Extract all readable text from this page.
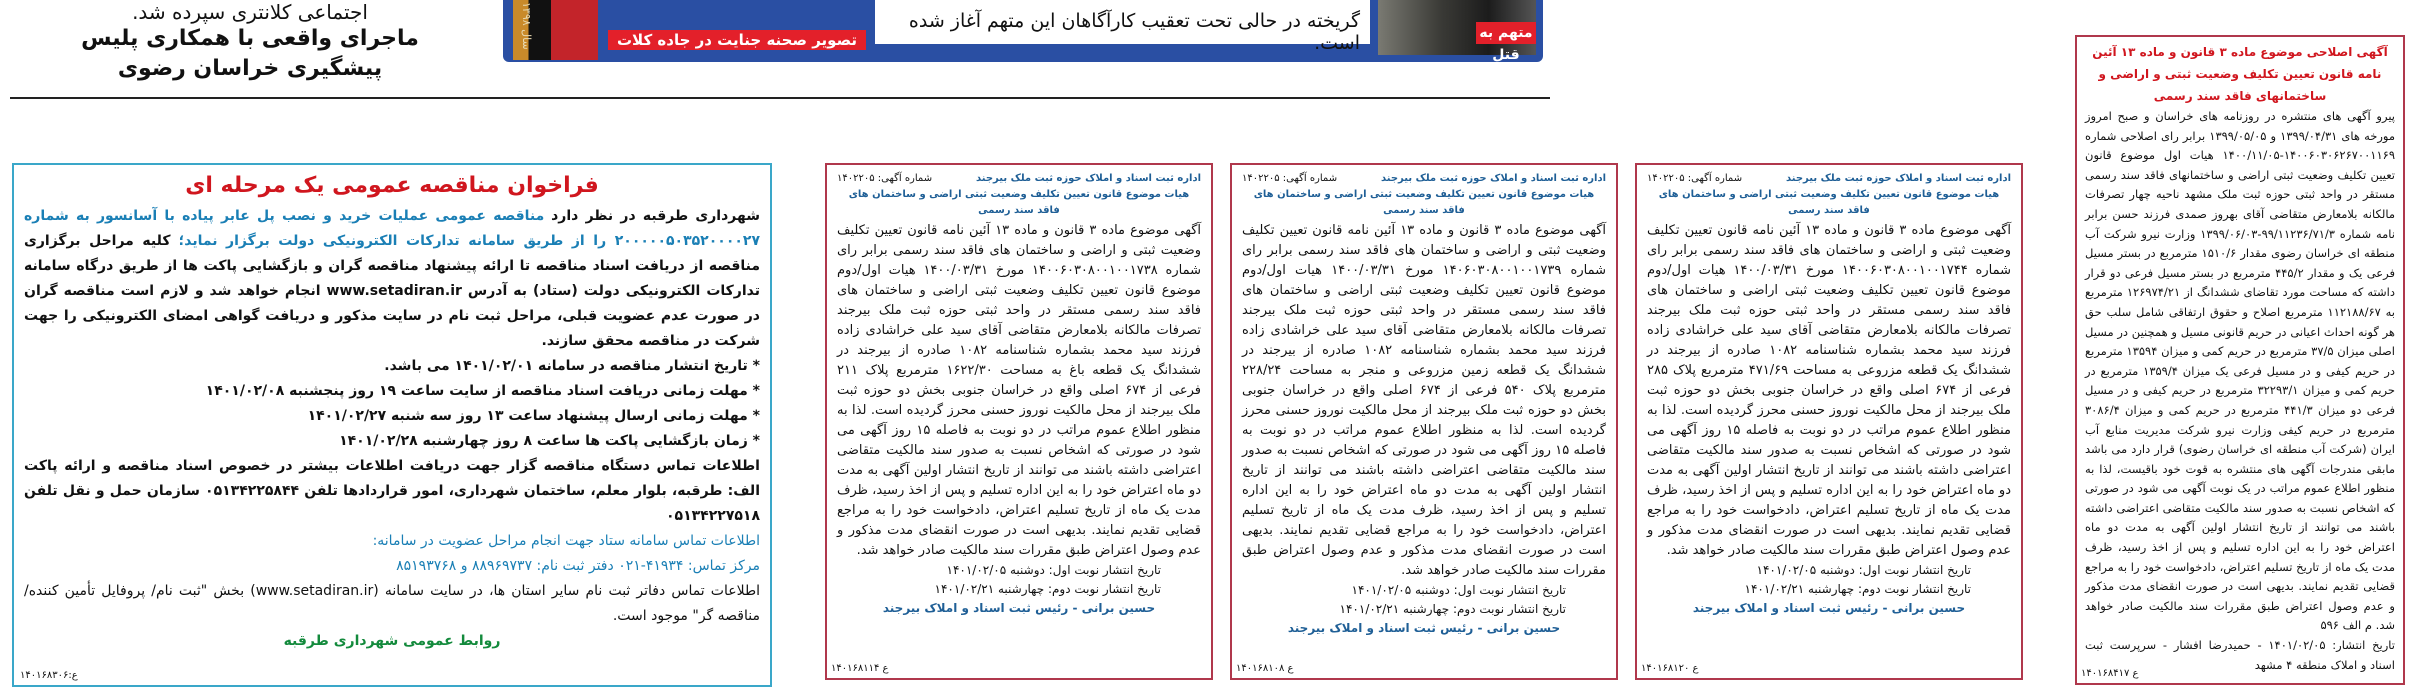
اجتماعی کلانتری سپرده شد.
ماجرای واقعی با همکاری پلیس پیشگیری خراسان رضوی
سال ۱۳۹۸	تصویر صحنه جنایت در جاده کلات
گریخته در حالی تحت تعقیب کارآگاهان این متهم آغاز شده است.	متهم به قتل
فراخوان مناقصه عمومی یک مرحله ای

شهرداری طرقبه در نظر دارد مناقصه عمومی عملیات خرید و نصب پل عابر پیاده با آسانسور به شماره ۲۰۰۰۰۰۵۰۳۵۲۰۰۰۰۲۷ را از طریق سامانه تدارکات الکترونیکی دولت برگزار نماید؛ کلیه مراحل برگزاری مناقصه از دریافت اسناد مناقصه تا ارائه پیشنهاد مناقصه گران و بازگشایی پاکت ها از طریق درگاه سامانه تدارکات الکترونیکی دولت (ستاد) به آدرس www.setadiran.ir انجام خواهد شد و لازم است مناقصه گران در صورت عدم عضویت قبلی، مراحل ثبت نام در سایت مذکور و دریافت گواهی امضای الکترونیکی را جهت شرکت در مناقصه محقق سازند.

* تاریخ انتشار مناقصه در سامانه ۱۴۰۱/۰۲/۰۱ می باشد.

* مهلت زمانی دریافت اسناد مناقصه از سایت ساعت ۱۹ روز پنجشنبه ۱۴۰۱/۰۲/۰۸

* مهلت زمانی ارسال پیشنهاد ساعت ۱۳ روز سه شنبه ۱۴۰۱/۰۲/۲۷

* زمان بازگشایی پاکت ها ساعت ۸ روز چهارشنبه ۱۴۰۱/۰۲/۲۸

اطلاعات تماس دستگاه مناقصه گزار جهت دریافت اطلاعات بیشتر در خصوص اسناد مناقصه و ارائه پاکت الف: طرقبه، بلوار معلم، ساختمان شهرداری، امور قراردادها تلفن ۰۵۱۳۴۲۲۵۸۴۴ سازمان حمل و نقل تلفن ۰۵۱۳۴۲۲۷۵۱۸

اطلاعات تماس سامانه ستاد جهت انجام مراحل عضویت در سامانه:

مرکز تماس: ۴۱۹۳۴-۰۲۱ دفتر ثبت نام: ۸۸۹۶۹۷۳۷ و ۸۵۱۹۳۷۶۸

اطلاعات تماس دفاتر ثبت نام سایر استان ها، در سایت سامانه (www.setadiran.ir) بخش "ثبت نام/ پروفایل تأمین کننده/ مناقصه گر" موجود است.

روابط عمومی شهرداری طرقبه

ع:۱۴۰۱۶۸۳۰۶
اداره ثبت اسناد و املاک حوزه ثبت ملک بیرجند
شماره آگهی: ۱۴۰۲۲۰۵
هیات موضوع قانون تعیین تکلیف وضعیت ثبتی اراضی و ساختمان های فاقد سند رسمی
آگهی موضوع ماده ۳ قانون و ماده ۱۳ آئین نامه قانون تعیین تکلیف وضعیت ثبتی و اراضی و ساختمان های فاقد سند رسمی برابر رای شماره ۱۴۰۰۶۰۳۰۸۰۰۱۰۰۱۷۳۸ مورخ ۱۴۰۰/۰۳/۳۱ هیات اول/دوم موضوع قانون تعیین تکلیف وضعیت ثبتی اراضی و ساختمان های فاقد سند رسمی مستقر در واحد ثبتی حوزه ثبت ملک بیرجند تصرفات مالکانه بلامعارض متقاضی آقای سید علی خراشادی زاده فرزند سید محمد بشماره شناسنامه ۱۰۸۲ صادره از بیرجند در ششدانگ یک قطعه باغ به مساحت ۱۶۲۲/۳۰ مترمربع پلاک ۲۱۱ فرعی از ۶۷۴ اصلی واقع در خراسان جنوبی بخش دو حوزه ثبت ملک بیرجند از محل مالکیت نوروز حسنی محرز گردیده است. لذا به منظور اطلاع عموم مراتب در دو نوبت به فاصله ۱۵ روز آگهی می شود در صورتی که اشخاص نسبت به صدور سند مالکیت متقاضی اعتراضی داشته باشند می توانند از تاریخ انتشار اولین آگهی به مدت دو ماه اعتراض خود را به این اداره تسلیم و پس از اخذ رسید، ظرف مدت یک ماه از تاریخ تسلیم اعتراض، دادخواست خود را به مراجع قضایی تقدیم نمایند. بدیهی است در صورت انقضای مدت مذکور و عدم وصول اعتراض طبق مقررات سند مالکیت صادر خواهد شد.
تاریخ انتشار نوبت اول: دوشنبه ۱۴۰۱/۰۲/۰۵
تاریخ انتشار نوبت دوم: چهارشنبه ۱۴۰۱/۰۲/۲۱
حسین برانی - رئیس ثبت اسناد و املاک بیرجند
ع ۱۴۰۱۶۸۱۱۴
اداره ثبت اسناد و املاک حوزه ثبت ملک بیرجند
شماره آگهی: ۱۴۰۲۲۰۵
هیات موضوع قانون تعیین تکلیف وضعیت ثبتی اراضی و ساختمان های فاقد سند رسمی
آگهی موضوع ماده ۳ قانون و ماده ۱۳ آئین نامه قانون تعیین تکلیف وضعیت ثبتی و اراضی و ساختمان های فاقد سند رسمی برابر رای شماره ۱۴۰۶۰۳۰۸۰۰۱۰۰۱۷۳۹ مورخ ۱۴۰۰/۰۳/۳۱ هیات اول/دوم موضوع قانون تعیین تکلیف وضعیت ثبتی اراضی و ساختمان های فاقد سند رسمی مستقر در واحد ثبتی حوزه ثبت ملک بیرجند تصرفات مالکانه بلامعارض متقاضی آقای سید علی خراشادی زاده فرزند سید محمد بشماره شناسنامه ۱۰۸۲ صادره از بیرجند در ششدانگ یک قطعه زمین مزروعی و منجر به مساحت ۲۲۸/۲۴ مترمربع پلاک ۵۴۰ فرعی از ۶۷۴ اصلی واقع در خراسان جنوبی بخش دو حوزه ثبت ملک بیرجند از محل مالکیت نوروز حسنی محرز گردیده است. لذا به منظور اطلاع عموم مراتب در دو نوبت به فاصله ۱۵ روز آگهی می شود در صورتی که اشخاص نسبت به صدور سند مالکیت متقاضی اعتراضی داشته باشند می توانند از تاریخ انتشار اولین آگهی به مدت دو ماه اعتراض خود را به این اداره تسلیم و پس از اخذ رسید، ظرف مدت یک ماه از تاریخ تسلیم اعتراض، دادخواست خود را به مراجع قضایی تقدیم نمایند. بدیهی است در صورت انقضای مدت مذکور و عدم وصول اعتراض طبق مقررات سند مالکیت صادر خواهد شد.
تاریخ انتشار نوبت اول: دوشنبه ۱۴۰۱/۰۲/۰۵
تاریخ انتشار نوبت دوم: چهارشنبه ۱۴۰۱/۰۲/۲۱
حسین برانی - رئیس ثبت اسناد و املاک بیرجند
ع ۱۴۰۱۶۸۱۰۸
اداره ثبت اسناد و املاک حوزه ثبت ملک بیرجند
شماره آگهی: ۱۴۰۲۲۰۵
هیات موضوع قانون تعیین تکلیف وضعیت ثبتی اراضی و ساختمان های فاقد سند رسمی
آگهی موضوع ماده ۳ قانون و ماده ۱۳ آئین نامه قانون تعیین تکلیف وضعیت ثبتی و اراضی و ساختمان های فاقد سند رسمی برابر رای شماره ۱۴۰۰۶۰۳۰۸۰۰۱۰۰۱۷۴۴ مورخ ۱۴۰۰/۰۳/۳۱ هیات اول/دوم موضوع قانون تعیین تکلیف وضعیت ثبتی اراضی و ساختمان های فاقد سند رسمی مستقر در واحد ثبتی حوزه ثبت ملک بیرجند تصرفات مالکانه بلامعارض متقاضی آقای سید علی خراشادی زاده فرزند سید محمد بشماره شناسنامه ۱۰۸۲ صادره از بیرجند در ششدانگ یک قطعه مزروعی به مساحت ۴۷۱/۶۹ مترمربع پلاک ۲۸۵ فرعی از ۶۷۴ اصلی واقع در خراسان جنوبی بخش دو حوزه ثبت ملک بیرجند از محل مالکیت نوروز حسنی محرز گردیده است. لذا به منظور اطلاع عموم مراتب در دو نوبت به فاصله ۱۵ روز آگهی می شود در صورتی که اشخاص نسبت به صدور سند مالکیت متقاضی اعتراضی داشته باشند می توانند از تاریخ انتشار اولین آگهی به مدت دو ماه اعتراض خود را به این اداره تسلیم و پس از اخذ رسید، ظرف مدت یک ماه از تاریخ تسلیم اعتراض، دادخواست خود را به مراجع قضایی تقدیم نمایند. بدیهی است در صورت انقضای مدت مذکور و عدم وصول اعتراض طبق مقررات سند مالکیت صادر خواهد شد.
تاریخ انتشار نوبت اول: دوشنبه ۱۴۰۱/۰۲/۰۵
تاریخ انتشار نوبت دوم: چهارشنبه ۱۴۰۱/۰۲/۲۱
حسین برانی - رئیس ثبت اسناد و املاک بیرجند
ع ۱۴۰۱۶۸۱۲۰
آگهی اصلاحی موضوع ماده ۳ قانون و ماده ۱۳ آئین نامه قانون تعیین تکلیف وضعیت ثبتی و اراضی و ساختمانهای فاقد سند رسمی
پیرو آگهی های منتشره در روزنامه های خراسان و صبح امروز مورخه های ۱۳۹۹/۰۴/۳۱ و ۱۳۹۹/۰۵/۰۵ برابر رای اصلاحی شماره ۱۴۰۰۶۰۳۰۶۲۶۷۰۰۱۱۶۹-۱۴۰۰/۱۱/۰۵ هیات اول موضوع قانون تعیین تکلیف وضعیت ثبتی اراضی و ساختمانهای فاقد سند رسمی مستقر در واحد ثبتی حوزه ثبت ملک مشهد ناحیه چهار تصرفات مالکانه بلامعارض متقاضی آقای بهروز صمدی فرزند حسن برابر نامه شماره ۹۹/۱۱۲۳۶/۷۱/۳-۱۳۹۹/۰۶/۰۳ وزارت نیرو شرکت آب منطقه ای خراسان رضوی مقدار ۱۵۱۰/۶ مترمربع در بستر مسیل فرعی یک و مقدار ۴۴۵/۲ مترمربع در بستر مسیل فرعی دو قرار داشته که مساحت مورد تقاضای ششدانگ از ۱۲۶۹۷۴/۲۱ مترمربع به ۱۱۲۱۸۸/۶۷ مترمربع اصلاح و حقوق ارتفاقی شامل سلب حق هر گونه احداث اعیانی در حریم قانونی مسیل و همچنین در مسیل اصلی میزان ۳۷/۵ مترمربع در حریم کمی و میزان ۱۳۵۹۴ مترمربع در حریم کیفی و در مسیل فرعی یک میزان ۱۳۵۹/۴ مترمربع در حریم کمی و میزان ۳۲۲۹۳/۱ مترمربع در حریم کیفی و در مسیل فرعی دو میزان ۴۴۱/۳ مترمربع در حریم کمی و میزان ۳۰۸۶/۴ مترمربع در حریم کیفی وزارت نیرو شرکت مدیریت منابع آب ایران (شرکت آب منطقه ای خراسان رضوی) قرار دارد می باشد مابقی مندرجات آگهی های منتشره به قوت خود باقیست، لذا به منظور اطلاع عموم مراتب در یک نوبت آگهی می شود در صورتی که اشخاص نسبت به صدور سند مالکیت متقاضی اعتراضی داشته باشند می توانند از تاریخ انتشار اولین آگهی به مدت دو ماه اعتراض خود را به این اداره تسلیم و پس از اخذ رسید، ظرف مدت یک ماه از تاریخ تسلیم اعتراض، دادخواست خود را به مراجع قضایی تقدیم نمایند. بدیهی است در صورت انقضای مدت مذکور و عدم وصول اعتراض طبق مقررات سند مالکیت صادر خواهد شد. م الف ۵۹۶
تاریخ انتشار: ۱۴۰۱/۰۲/۰۵ - حمیدرضا افشار - سرپرست ثبت اسناد و املاک منطقه ۴ مشهد
ع ۱۴۰۱۶۸۴۱۷
